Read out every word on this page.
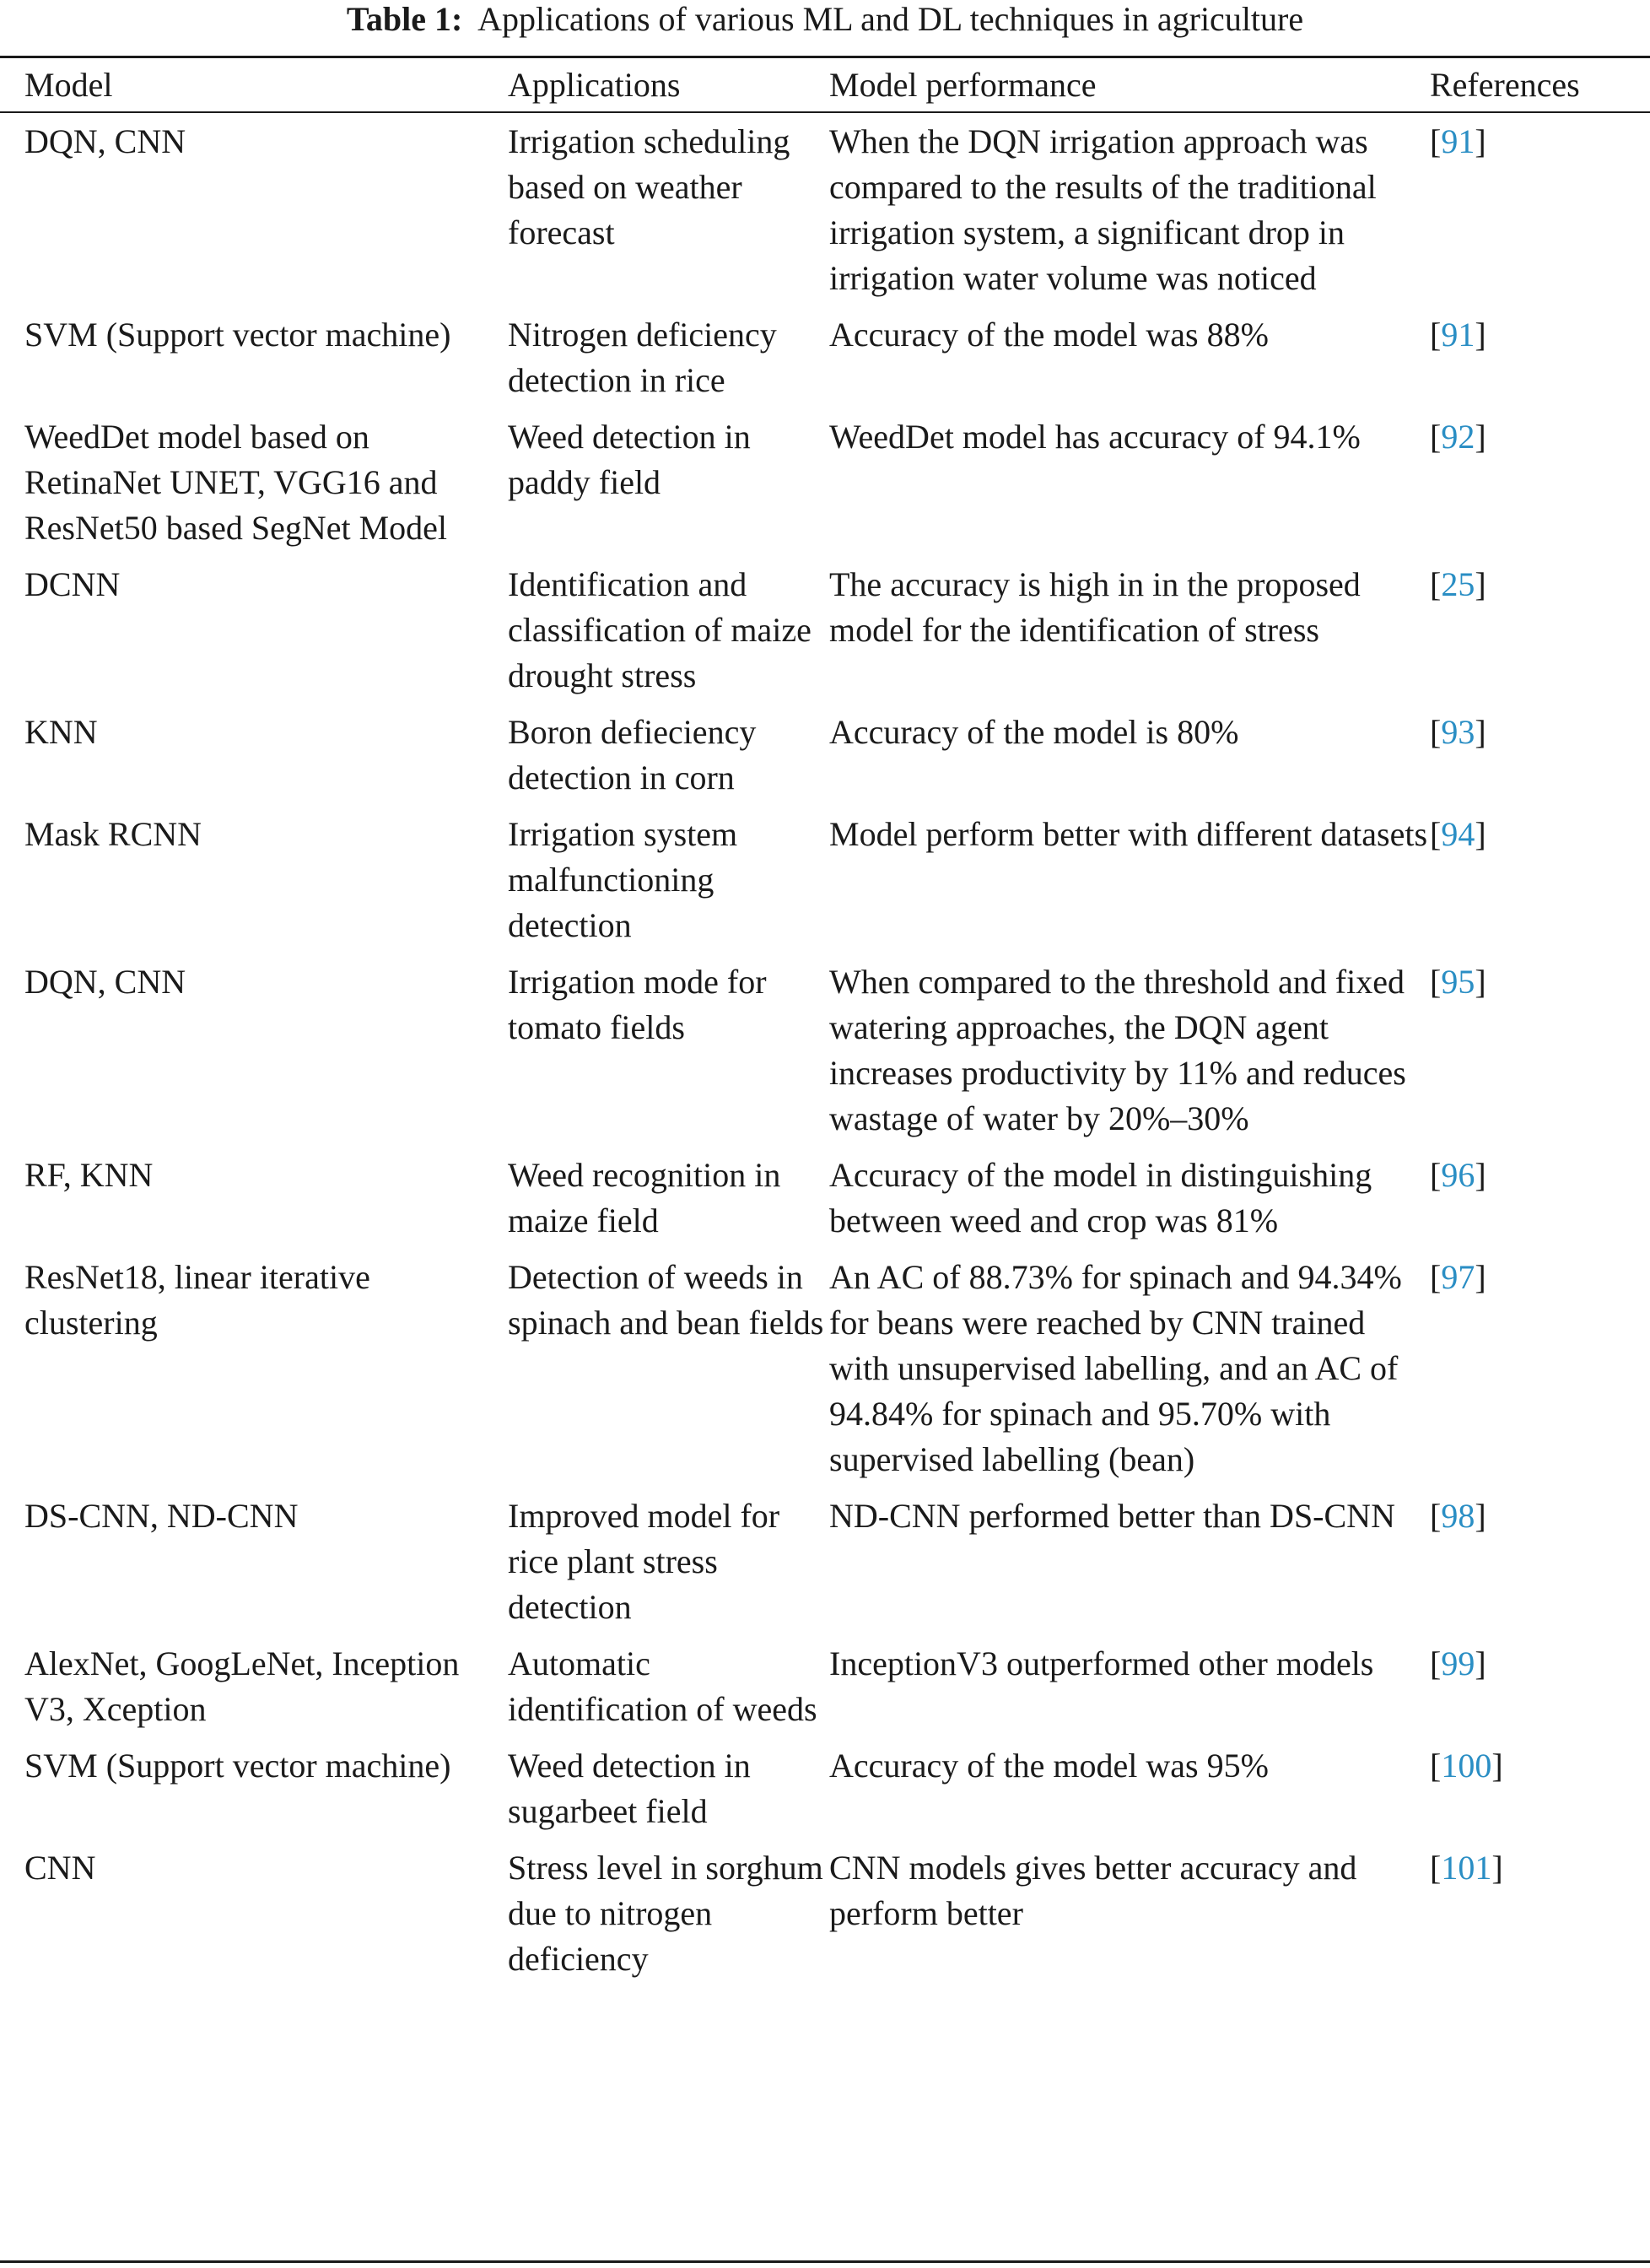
Table 1: Applications of various ML and DL techniques in agriculture
Model	Applications	Model performance	References
DQN, CNN	Irrigation scheduling based on weather forecast	When the DQN irrigation approach was compared to the results of the traditional irrigation system, a significant drop in irrigation water volume was noticed	[91]
SVM (Support vector machine)	Nitrogen deficiency detection in rice	Accuracy of the model was 88%	[91]
WeedDet model based on RetinaNet UNET, VGG16 and ResNet50 based SegNet Model	Weed detection in paddy field	WeedDet model has accuracy of 94.1%	[92]
DCNN	Identification and classification of maize drought stress	The accuracy is high in in the proposed model for the identification of stress	[25]
KNN	Boron defieciency detection in corn	Accuracy of the model is 80%	[93]
Mask RCNN	Irrigation system malfunctioning detection	Model perform better with different datasets	[94]
DQN, CNN	Irrigation mode for tomato fields	When compared to the threshold and fixed watering approaches, the DQN agent increases productivity by 11% and reduces wastage of water by 20%–30%	[95]
RF, KNN	Weed recognition in maize field	Accuracy of the model in distinguishing between weed and crop was 81%	[96]
ResNet18, linear iterative clustering	Detection of weeds in spinach and bean fields	An AC of 88.73% for spinach and 94.34% for beans were reached by CNN trained with unsupervised labelling, and an AC of 94.84% for spinach and 95.70% with supervised labelling (bean)	[97]
DS-CNN, ND-CNN	Improved model for rice plant stress detection	ND-CNN performed better than DS-CNN	[98]
AlexNet, GoogLeNet, Inception V3, Xception	Automatic identification of weeds	InceptionV3 outperformed other models	[99]
SVM (Support vector machine)	Weed detection in sugarbeet field	Accuracy of the model was 95%	[100]
CNN	Stress level in sorghum due to nitrogen deficiency	CNN models gives better accuracy and perform better	[101]
